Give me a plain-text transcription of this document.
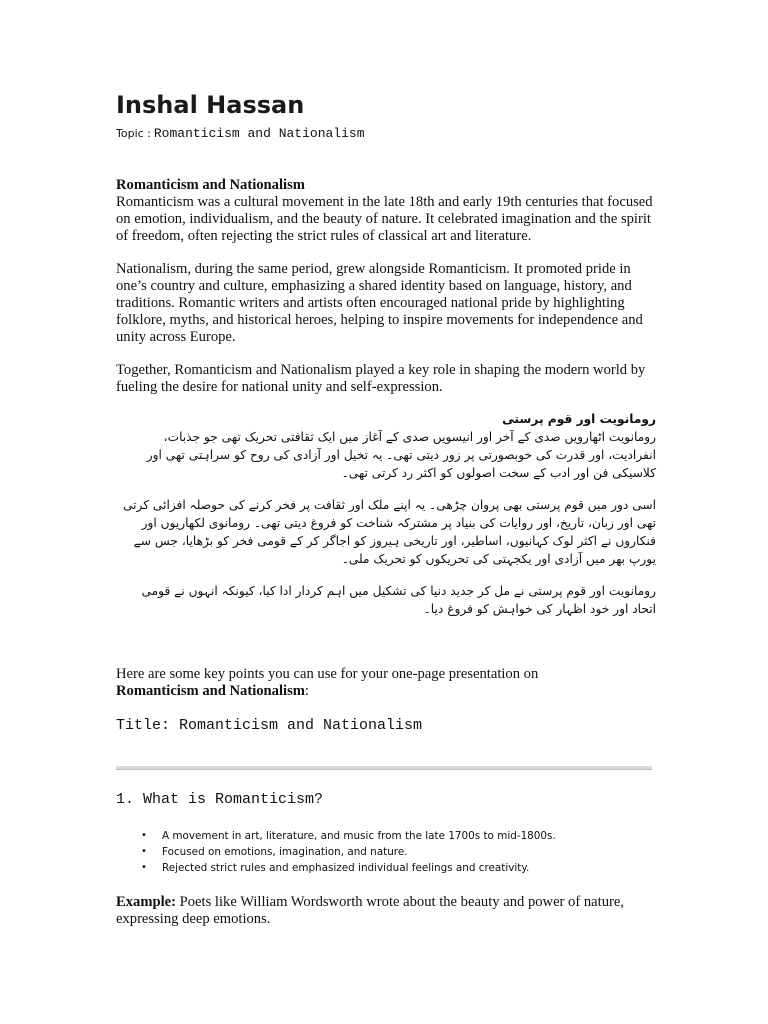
Inshal Hassan
Topic : Romanticism and Nationalism
Romanticism and Nationalism

Romanticism was a cultural movement in the late 18th and early 19th centuries that focused on emotion, individualism, and the beauty of nature. It celebrated imagination and the spirit of freedom, often rejecting the strict rules of classical art and literature.

Nationalism, during the same period, grew alongside Romanticism. It promoted pride in one’s country and culture, emphasizing a shared identity based on language, history, and traditions. Romantic writers and artists often encouraged national pride by highlighting folklore, myths, and historical heroes, helping to inspire movements for independence and unity across Europe.

Together, Romanticism and Nationalism played a key role in shaping the modern world by fueling the desire for national unity and self-expression.

رومانویت اور قوم پرستی

رومانویت اٹھارویں صدی کے آخر اور انیسویں صدی کے آغاز میں ایک ثقافتی تحریک تھی جو جذبات، انفرادیت، اور قدرت کی خوبصورتی پر زور دیتی تھی۔ یہ تخیل اور آزادی کی روح کو سراہتی تھی اور کلاسیکی فن اور ادب کے سخت اصولوں کو اکثر رد کرتی تھی۔

اسی دور میں قوم پرستی بھی پروان چڑھی۔ یہ اپنے ملک اور ثقافت پر فخر کرنے کی حوصلہ افزائی کرتی تھی اور زبان، تاریخ، اور روایات کی بنیاد پر مشترکہ شناخت کو فروغ دیتی تھی۔ رومانوی لکھاریوں اور فنکاروں نے اکثر لوک کہانیوں، اساطیر، اور تاریخی ہیروز کو اجاگر کر کے قومی فخر کو بڑھایا، جس سے یورپ بھر میں آزادی اور یکجہتی کی تحریکوں کو تحریک ملی۔

رومانویت اور قوم پرستی نے مل کر جدید دنیا کی تشکیل میں اہم کردار ادا کیا، کیونکہ انہوں نے قومی اتحاد اور خود اظہار کی خواہش کو فروغ دیا۔

Here are some key points you can use for your one-page presentation on
Romanticism and Nationalism:

Title: Romanticism and Nationalism
1. What is Romanticism?
• A movement in art, literature, and music from the late 1700s to mid-1800s.
• Focused on emotions, imagination, and nature.
• Rejected strict rules and emphasized individual feelings and creativity.

Example: Poets like William Wordsworth wrote about the beauty and power of nature, expressing deep emotions.
